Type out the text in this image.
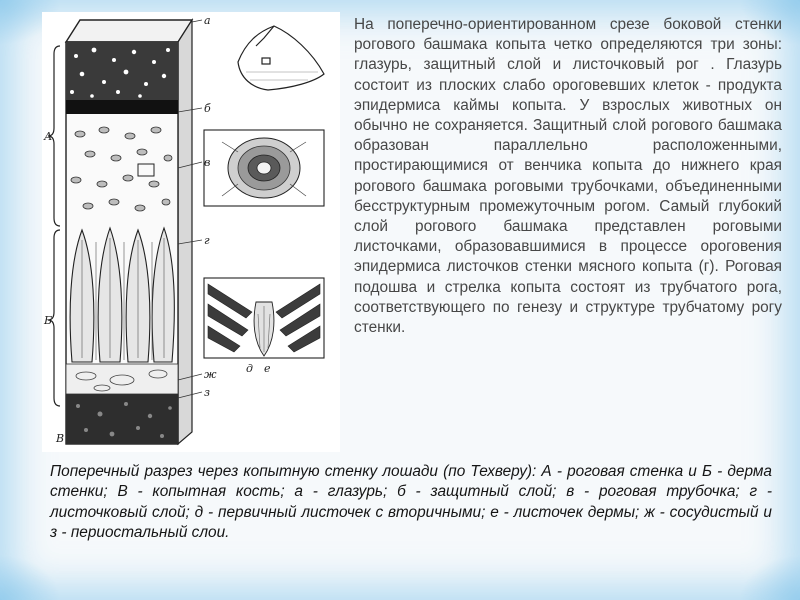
а
б
в
г
д е
ж
з
А
Б
В

На поперечно-ориентированном срезе боковой стенки рогового башмака копыта четко определяются три зоны: глазурь, защитный слой и листочковый рог . Глазурь состоит из плоских слабо ороговевших клеток - продукта эпидермиса каймы копыта. У взрослых животных он обычно не сохраняется. Защитный слой рогового башмака образован параллельно расположенными, простирающимися от венчика копыта до нижнего края рогового башмака роговыми трубочками, объединенными бесструктурным промежуточным рогом. Самый глубокий слой рогового башмака представлен роговыми листочками, образовавшимися в процессе ороговения эпидермиса листочков стенки мясного копыта (г). Роговая подошва и стрелка копыта состоят из трубчатого рога, соответствующего по генезу и структуре трубчатому рогу стенки.

Поперечный разрез через копытную стенку лошади (по Техверу): А - роговая стенка и Б - дерма стенки; В - копытная кость; а - глазурь; б - защитный слой; в - роговая трубочка; г - листочковый слой; д - первичный листочек с вторичными; е - листочек дермы; ж - сосудистый и з - периостальный слои.
